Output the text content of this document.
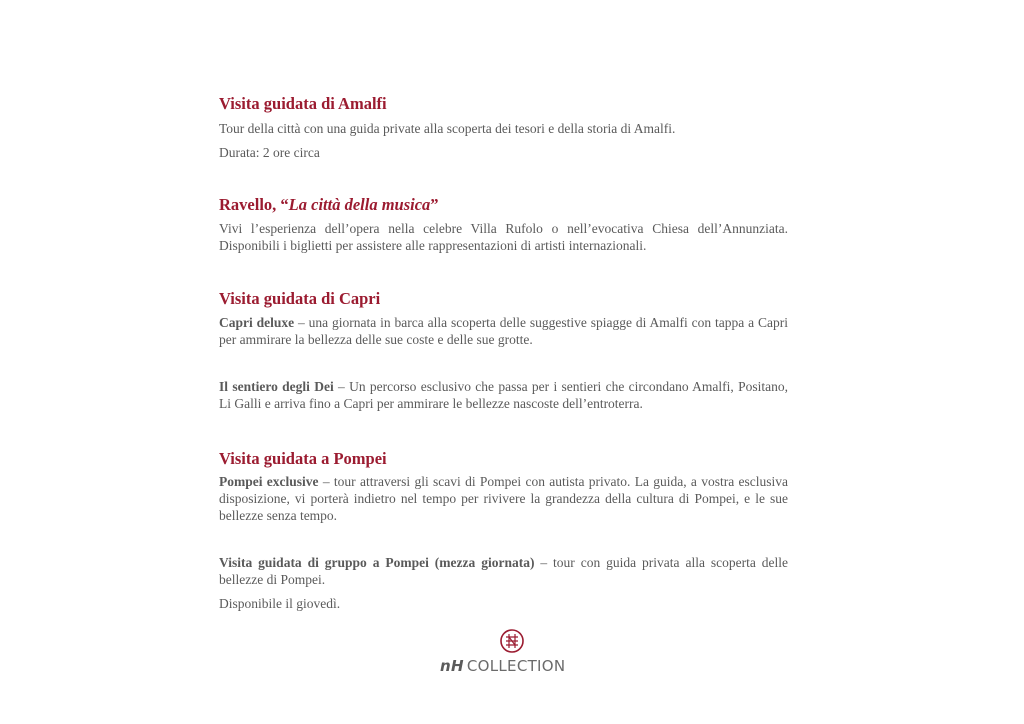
Visita guidata di Amalfi

Tour della città con una guida private alla scoperta dei tesori e della storia di Amalfi.

Durata: 2 ore circa

Ravello, “La città della musica”

Vivi l’esperienza dell’opera nella celebre Villa Rufolo o nell’evocativa Chiesa dell’Annunziata. Disponibili i biglietti per assistere alle rappresentazioni di artisti internazionali.

Visita guidata di Capri

Capri deluxe – una giornata in barca alla scoperta delle suggestive spiagge di Amalfi con tappa a Capri per ammirare la bellezza delle sue coste e delle sue grotte.

Il sentiero degli Dei – Un percorso esclusivo che passa per i sentieri che circondano Amalfi, Positano, Li Galli e arriva fino a Capri per ammirare le bellezze nascoste dell’entroterra.

Visita guidata a Pompei

Pompei exclusive – tour attraversi gli scavi di Pompei con autista privato. La guida, a vostra esclusiva disposizione, vi porterà indietro nel tempo per rivivere la grandezza della cultura di Pompei, e le sue bellezze senza tempo.

Visita guidata di gruppo a Pompei (mezza giornata) – tour con guida privata alla scoperta delle bellezze di Pompei.

Disponibile il giovedì.

nH COLLECTION
